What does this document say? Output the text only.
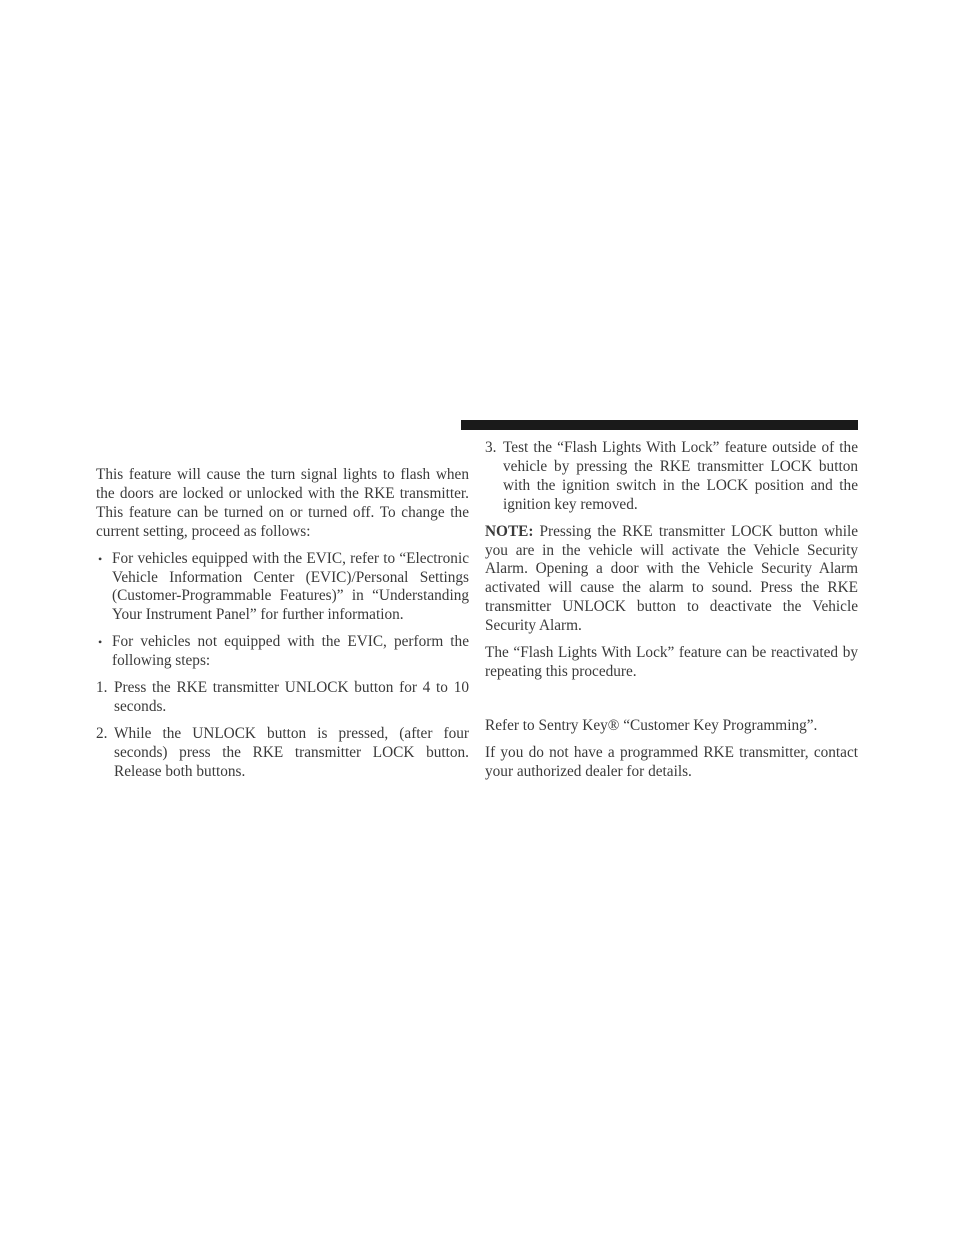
This feature will cause the turn signal lights to flash when the doors are locked or unlocked with the RKE transmitter. This feature can be turned on or turned off. To change the current setting, proceed as follows:

• For vehicles equipped with the EVIC, refer to “Electronic Vehicle Information Center (EVIC)/Personal Settings (Customer-Programmable Features)” in “Understanding Your Instrument Panel” for further information.
• For vehicles not equipped with the EVIC, perform the following steps:
1. Press the RKE transmitter UNLOCK button for 4 to 10 seconds.
2. While the UNLOCK button is pressed, (after four seconds) press the RKE transmitter LOCK button. Release both buttons.
3. Test the “Flash Lights With Lock” feature outside of the vehicle by pressing the RKE transmitter LOCK button with the ignition switch in the LOCK position and the ignition key removed.

NOTE: Pressing the RKE transmitter LOCK button while you are in the vehicle will activate the Vehicle Security Alarm. Opening a door with the Vehicle Security Alarm activated will cause the alarm to sound. Press the RKE transmitter UNLOCK button to deactivate the Vehicle Security Alarm.

The “Flash Lights With Lock” feature can be reactivated by repeating this procedure.

Refer to Sentry Key® “Customer Key Programming”.

If you do not have a programmed RKE transmitter, contact your authorized dealer for details.
